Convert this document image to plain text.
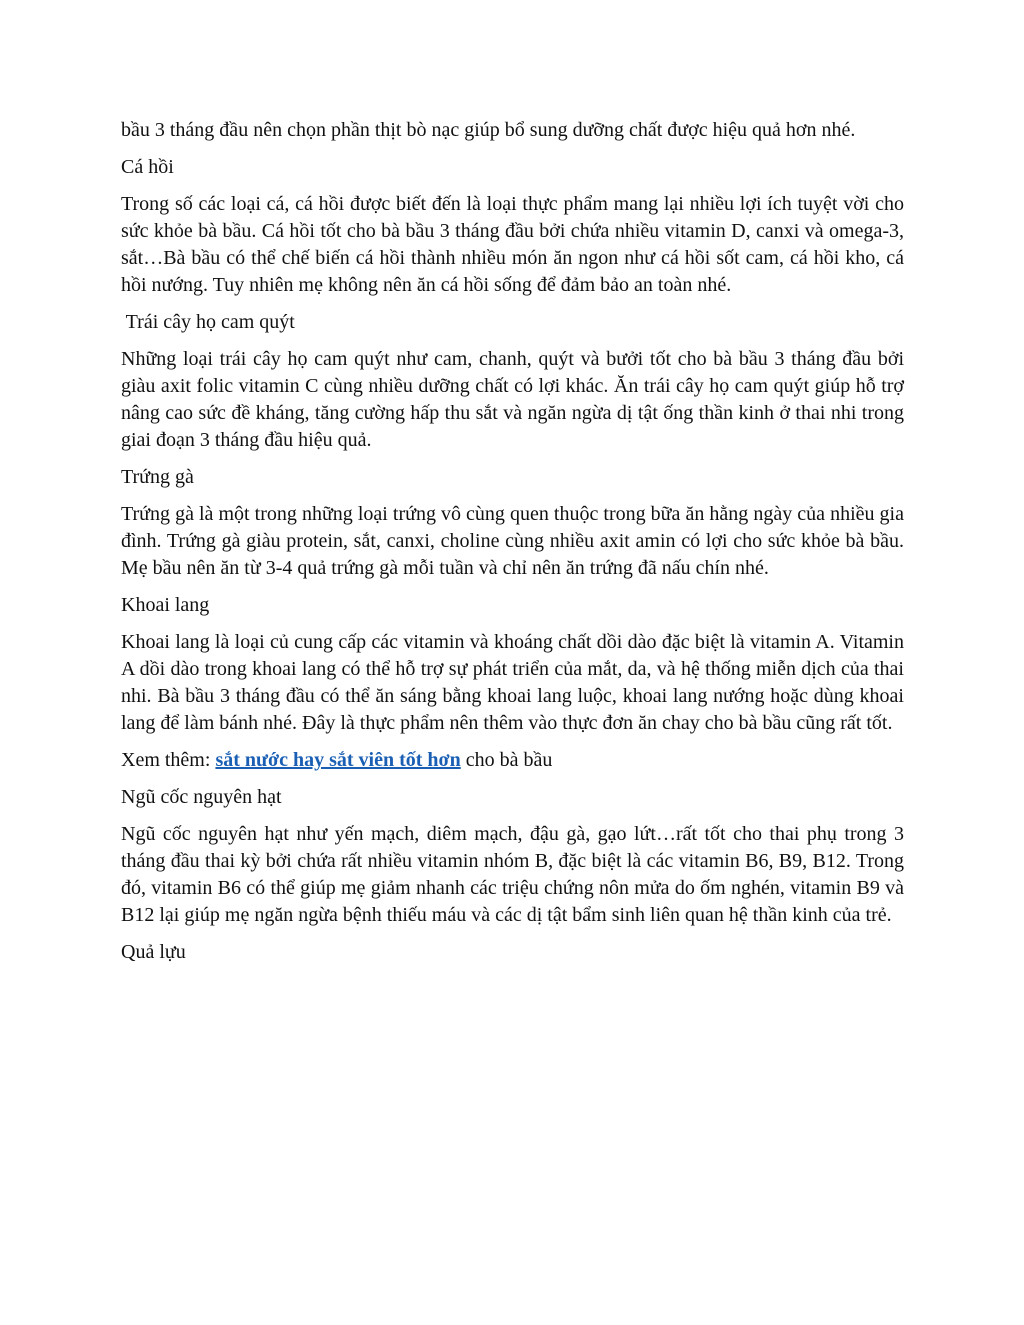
bầu 3 tháng đầu nên chọn phần thịt bò nạc giúp bổ sung dưỡng chất được hiệu quả hơn nhé.

Cá hồi

Trong số các loại cá, cá hồi được biết đến là loại thực phẩm mang lại nhiều lợi ích tuyệt vời cho sức khỏe bà bầu. Cá hồi tốt cho bà bầu 3 tháng đầu bởi chứa nhiều vitamin D, canxi và omega-3, sắt…Bà bầu có thể chế biến cá hồi thành nhiều món ăn ngon như cá hồi sốt cam, cá hồi kho, cá hồi nướng. Tuy nhiên mẹ không nên ăn cá hồi sống để đảm bảo an toàn nhé.

Trái cây họ cam quýt

Những loại trái cây họ cam quýt như cam, chanh, quýt và bưởi tốt cho bà bầu 3 tháng đầu bởi giàu axit folic vitamin C cùng nhiều dưỡng chất có lợi khác. Ăn trái cây họ cam quýt giúp hỗ trợ nâng cao sức đề kháng, tăng cường hấp thu sắt và ngăn ngừa dị tật ống thần kinh ở thai nhi trong giai đoạn 3 tháng đầu hiệu quả.

Trứng gà

Trứng gà là một trong những loại trứng vô cùng quen thuộc trong bữa ăn hằng ngày của nhiều gia đình. Trứng gà giàu protein, sắt, canxi, choline cùng nhiều axit amin có lợi cho sức khỏe bà bầu. Mẹ bầu nên ăn từ 3-4 quả trứng gà mỗi tuần và chỉ nên ăn trứng đã nấu chín nhé.

Khoai lang

Khoai lang là loại củ cung cấp các vitamin và khoáng chất dồi dào đặc biệt là vitamin A. Vitamin A dồi dào trong khoai lang có thể hỗ trợ sự phát triển của mắt, da, và hệ thống miễn dịch của thai nhi. Bà bầu 3 tháng đầu có thể ăn sáng bằng khoai lang luộc, khoai lang nướng hoặc dùng khoai lang để làm bánh nhé. Đây là thực phẩm nên thêm vào thực đơn ăn chay cho bà bầu cũng rất tốt.

Xem thêm: sắt nước hay sắt viên tốt hơn cho bà bầu

Ngũ cốc nguyên hạt

Ngũ cốc nguyên hạt như yến mạch, diêm mạch, đậu gà, gạo lứt…rất tốt cho thai phụ trong 3 tháng đầu thai kỳ bởi chứa rất nhiều vitamin nhóm B, đặc biệt là các vitamin B6, B9, B12. Trong đó, vitamin B6 có thể giúp mẹ giảm nhanh các triệu chứng nôn mửa do ốm nghén, vitamin B9 và B12 lại giúp mẹ ngăn ngừa bệnh thiếu máu và các dị tật bẩm sinh liên quan hệ thần kinh của trẻ.

Quả lựu
